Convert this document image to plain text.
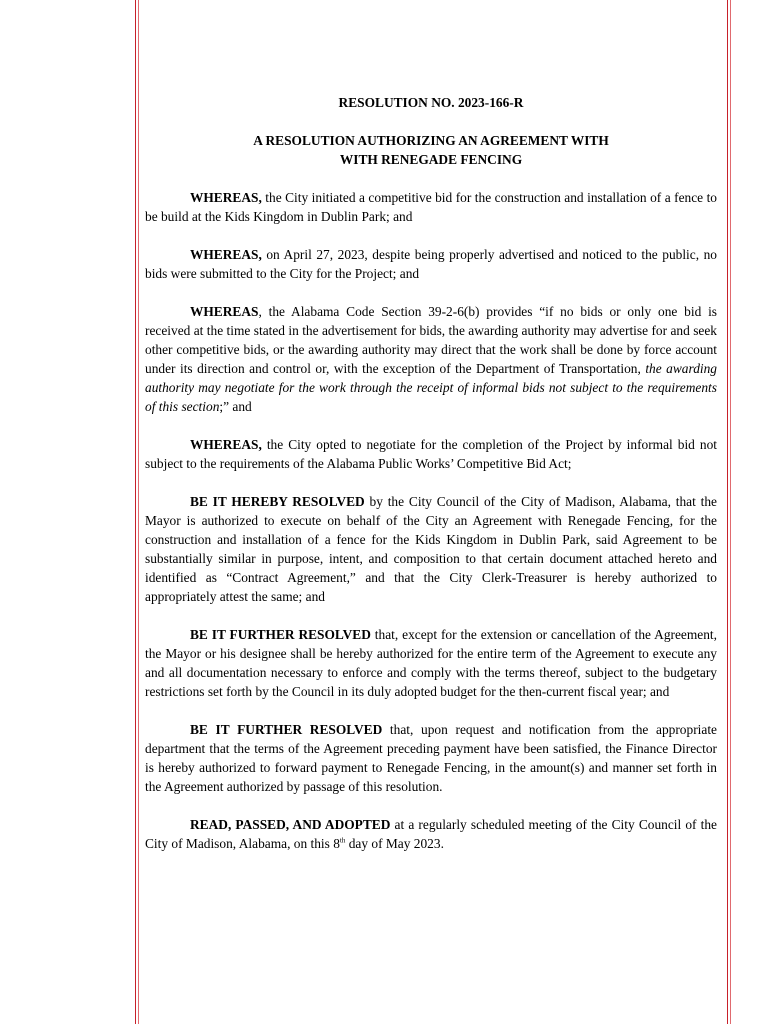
RESOLUTION NO. 2023-166-R
A RESOLUTION AUTHORIZING AN AGREEMENT WITH
WITH RENEGADE FENCING

WHEREAS, the City initiated a competitive bid for the construction and installation of a fence to be build at the Kids Kingdom in Dublin Park; and

WHEREAS, on April 27, 2023, despite being properly advertised and noticed to the public, no bids were submitted to the City for the Project; and

WHEREAS, the Alabama Code Section 39-2-6(b) provides “if no bids or only one bid is received at the time stated in the advertisement for bids, the awarding authority may advertise for and seek other competitive bids, or the awarding authority may direct that the work shall be done by force account under its direction and control or, with the exception of the Department of Transportation, the awarding authority may negotiate for the work through the receipt of informal bids not subject to the requirements of this section;” and

WHEREAS, the City opted to negotiate for the completion of the Project by informal bid not subject to the requirements of the Alabama Public Works’ Competitive Bid Act;

BE IT HEREBY RESOLVED by the City Council of the City of Madison, Alabama, that the Mayor is authorized to execute on behalf of the City an Agreement with Renegade Fencing, for the construction and installation of a fence for the Kids Kingdom in Dublin Park, said Agreement to be substantially similar in purpose, intent, and composition to that certain document attached hereto and identified as “Contract Agreement,” and that the City Clerk-Treasurer is hereby authorized to appropriately attest the same; and

BE IT FURTHER RESOLVED that, except for the extension or cancellation of the Agreement, the Mayor or his designee shall be hereby authorized for the entire term of the Agreement to execute any and all documentation necessary to enforce and comply with the terms thereof, subject to the budgetary restrictions set forth by the Council in its duly adopted budget for the then-current fiscal year; and

BE IT FURTHER RESOLVED that, upon request and notification from the appropriate department that the terms of the Agreement preceding payment have been satisfied, the Finance Director is hereby authorized to forward payment to Renegade Fencing, in the amount(s) and manner set forth in the Agreement authorized by passage of this resolution.

READ, PASSED, AND ADOPTED at a regularly scheduled meeting of the City Council of the City of Madison, Alabama, on this 8th day of May 2023.
